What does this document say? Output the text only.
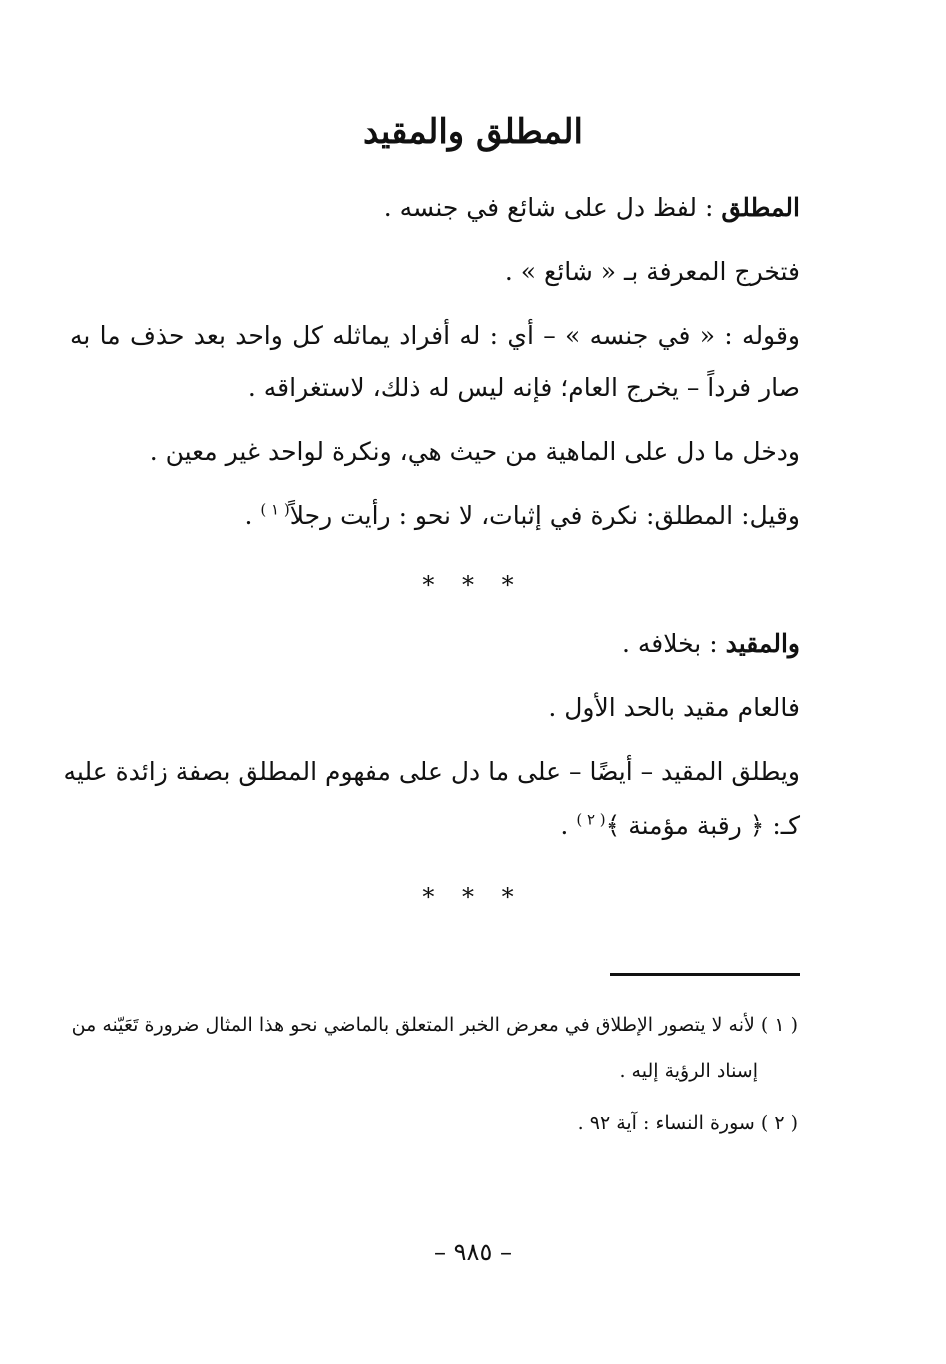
المطلق والمقيد
المطلق : لفظ دل على شائع في جنسه .
فتخرج المعرفة بـ « شائع » .
وقوله : « في جنسه » – أي : له أفراد يماثله كل واحد بعد حذف ما به
صار فرداً – يخرج العام؛ فإنه ليس له ذلك، لاستغراقه .
ودخل ما دل على الماهية من حيث هي، ونكرة لواحد غير معين .
وقيل: المطلق: نكرة في إثبات، لا نحو : رأيت رجلاً$^{( ١ )}$ .
* * *
والمقيد : بخلافه .
فالعام مقيد بالحد الأول .
ويطلق المقيد – أيضًا – على ما دل على مفهوم المطلق بصفة زائدة عليه
كـ: ﴿ رقبة مؤمنة ﴾$^{( ٢ )}$ .
* * *
( ١ ) لأنه لا يتصور الإطلاق في معرض الخبر المتعلق بالماضي نحو هذا المثال ضرورة تَعَيّنه من
إسناد الرؤية إليه .
( ٢ ) سورة النساء : آية ٩٢ .
– ٩٨٥ –
